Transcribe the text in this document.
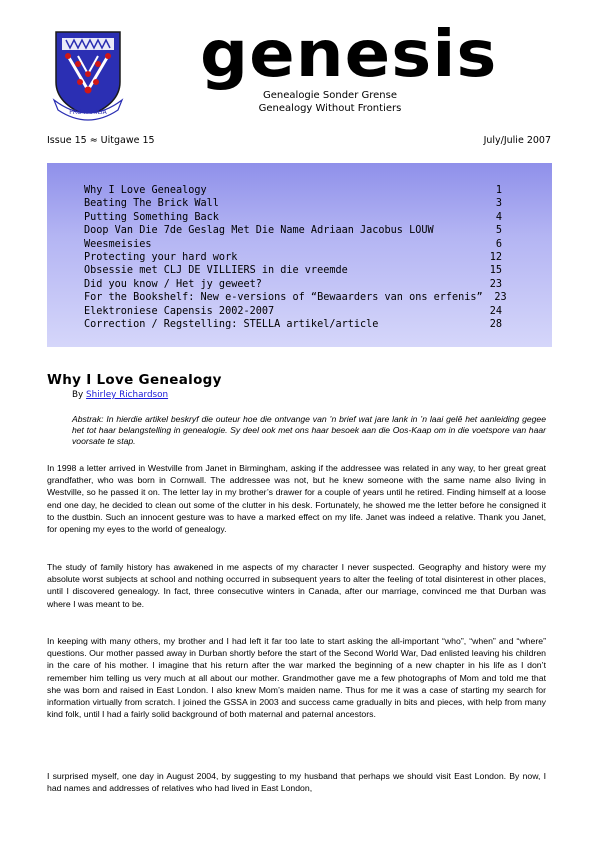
PRO FAMILIA
genesis
Genealogie Sonder Grense
Genealogy Without Frontiers
Issue 15 ≈ Uitgawe 15	July/Julie 2007
Why I Love Genealogy	1
Beating The Brick Wall	3
Putting Something Back	4
Doop Van Die 7de Geslag Met Die Name Adriaan Jacobus LOUW	5
Weesmeisies	6
Protecting your hard work	12
Obsessie met CLJ DE VILLIERS in die vreemde	15
Did you know / Het jy geweet?	23
For the Bookshelf: New e-versions of “Bewaarders van ons erfenis”	23
Elektroniese Capensis 2002-2007	24
Correction / Regstelling: STELLA artikel/article	28
Why I Love Genealogy
By Shirley Richardson
Abstrak: In hierdie artikel beskryf die outeur hoe die ontvange van ’n brief wat jare lank in ’n laai gelê het aanleiding gegee het tot haar belangstelling in genealogie. Sy deel ook met ons haar besoek aan die Oos-Kaap om in die voetspore van haar voorsate te stap.

In 1998 a letter arrived in Westville from Janet in Birmingham, asking if the addressee was related in any way, to her great great grandfather, who was born in Cornwall. The addressee was not, but he knew someone with the same name also living in Westville, so he passed it on. The letter lay in my brother’s drawer for a couple of years until he retired. Finding himself at a loose end one day, he decided to clean out some of the clutter in his desk. Fortunately, he showed me the letter before he consigned it to the dustbin. Such an innocent gesture was to have a marked effect on my life. Janet was indeed a relative. Thank you Janet, for opening my eyes to the world of genealogy.

The study of family history has awakened in me aspects of my character I never suspected. Geography and history were my absolute worst subjects at school and nothing occurred in subsequent years to alter the feeling of total disinterest in other places, until I discovered genealogy. In fact, three consecutive winters in Canada, after our marriage, convinced me that Durban was where I was meant to be.

In keeping with many others, my brother and I had left it far too late to start asking the all-important “who”, “when” and “where” questions. Our mother passed away in Durban shortly before the start of the Second World War, Dad enlisted leaving his children in the care of his mother. I imagine that his return after the war marked the beginning of a new chapter in his life as I don’t remember him telling us very much at all about our mother. Grandmother gave me a few photographs of Mom and told me that she was born and raised in East London. I also knew Mom’s maiden name. Thus for me it was a case of starting my search for information virtually from scratch. I joined the GSSA in 2003 and success came gradually in bits and pieces, with help from many kind folk, until I had a fairly solid background of both maternal and paternal ancestors.

I surprised myself, one day in August 2004, by suggesting to my husband that perhaps we should visit East London. By now, I had names and addresses of relatives who had lived in East London,
